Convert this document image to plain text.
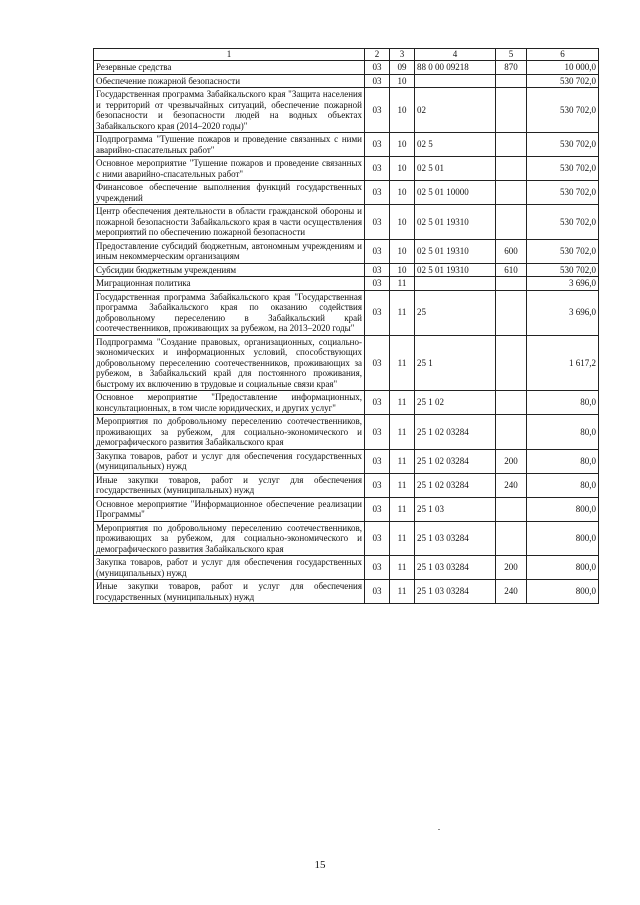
1	2	3	4	5	6
Резервные средства	03	09	88 0 00 09218	870	10 000,0
Обеспечение пожарной безопасности	03	10			530 702,0
Государственная программа Забайкальского края "Защита населения и территорий от чрезвычайных ситуаций, обеспечение пожарной безопасности и безопасности людей на водных объектах Забайкальского края (2014–2020 годы)"	03	10	02		530 702,0
Подпрограмма "Тушение пожаров и проведение связанных с ними аварийно-спасательных работ"	03	10	02 5		530 702,0
Основное мероприятие "Тушение пожаров и проведение связанных с ними аварийно-спасательных работ"	03	10	02 5 01		530 702,0
Финансовое обеспечение выполнения функций государственных учреждений	03	10	02 5 01 10000		530 702,0
Центр обеспечения деятельности в области гражданской обороны и пожарной безопасности Забайкальского края в части осуществления мероприятий по обеспечению пожарной безопасности	03	10	02 5 01 19310		530 702,0
Предоставление субсидий бюджетным, автономным учреждениям и иным некоммерческим организациям	03	10	02 5 01 19310	600	530 702,0
Субсидии бюджетным учреждениям	03	10	02 5 01 19310	610	530 702,0
Миграционная политика	03	11			3 696,0
Государственная программа Забайкальского края "Государственная программа Забайкальского края по оказанию содействия добровольному переселению в Забайкальский край соотечественников, проживающих за рубежом, на 2013–2020 годы"	03	11	25		3 696,0
Подпрограмма "Создание правовых, организационных, социально-экономических и информационных условий, способствующих добровольному переселению соотечественников, проживающих за рубежом, в Забайкальский край для постоянного проживания, быстрому их включению в трудовые и социальные связи края"	03	11	25 1		1 617,2
Основное мероприятие "Предоставление информационных, консультационных, в том числе юридических, и других услуг"	03	11	25 1 02		80,0
Мероприятия по добровольному переселению соотечественников, проживающих за рубежом, для социально-экономического и демографического развития Забайкальского края	03	11	25 1 02 03284		80,0
Закупка товаров, работ и услуг для обеспечения государственных (муниципальных) нужд	03	11	25 1 02 03284	200	80,0
Иные закупки товаров, работ и услуг для обеспечения государственных (муниципальных) нужд	03	11	25 1 02 03284	240	80,0
Основное мероприятие "Информационное обеспечение реализации Программы"	03	11	25 1 03		800,0
Мероприятия по добровольному переселению соотечественников, проживающих за рубежом, для социально-экономического и демографического развития Забайкальского края	03	11	25 1 03 03284		800,0
Закупка товаров, работ и услуг для обеспечения государственных (муниципальных) нужд	03	11	25 1 03 03284	200	800,0
Иные закупки товаров, работ и услуг для обеспечения государственных (муниципальных) нужд	03	11	25 1 03 03284	240	800,0
15
